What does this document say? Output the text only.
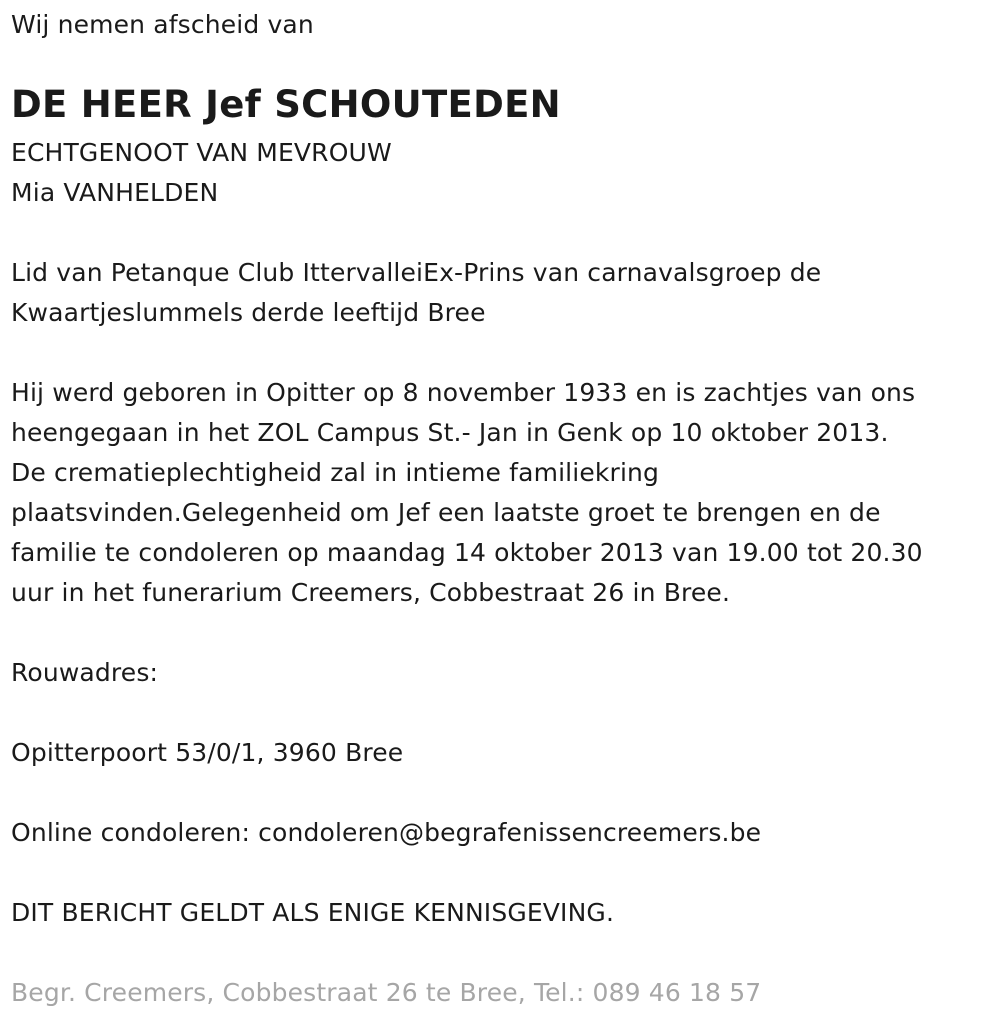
Wij nemen afscheid van
DE HEER Jef SCHOUTEDEN
ECHTGENOOT VAN MEVROUW
Mia VANHELDEN
Lid van Petanque Club IttervalleiEx-Prins van carnavalsgroep de
Kwaartjeslummels derde leeftijd Bree
Hij werd geboren in Opitter op 8 november 1933 en is zachtjes van ons
heengegaan in het ZOL Campus St.- Jan in Genk op 10 oktober 2013.
De crematieplechtigheid zal in intieme familiekring
plaatsvinden.Gelegenheid om Jef een laatste groet te brengen en de
familie te condoleren op maandag 14 oktober 2013 van 19.00 tot 20.30
uur in het funerarium Creemers, Cobbestraat 26 in Bree.
Rouwadres:
Opitterpoort 53/0/1, 3960 Bree
Online condoleren: condoleren@begrafenissencreemers.be
DIT BERICHT GELDT ALS ENIGE KENNISGEVING.
Begr. Creemers, Cobbestraat 26 te Bree, Tel.: 089 46 18 57
